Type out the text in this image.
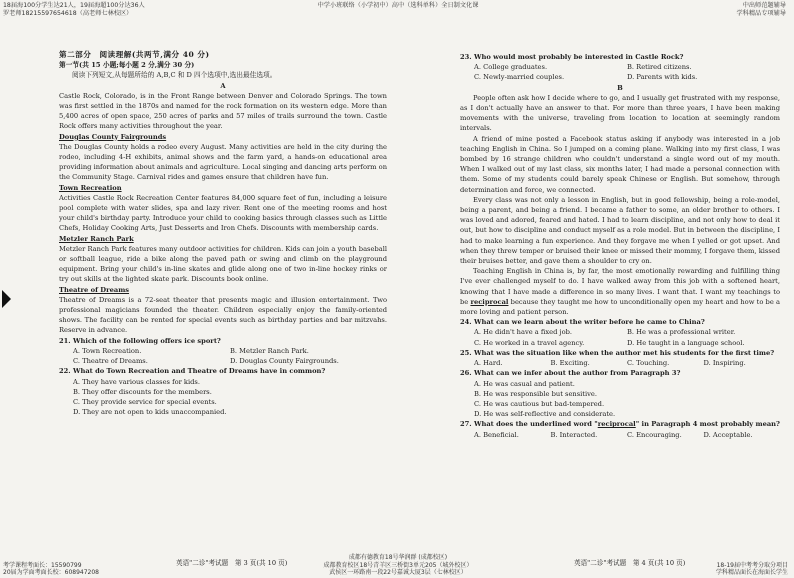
18届海100分学生达21人，19届海超100分达36人
罗老师18215597654618（高老师七林校区）
中学小班联络（小学初中）高中（选科单科）全日制文化课	中出师范题辅导
学科精品专项辅导

第二部分　阅读理解(共两节,满分 40 分)

第一节(共 15 小题;每小题 2 分,满分 30 分)

阅读下列短文,从每题所给的 A,B,C 和 D 四个选项中,选出最佳选项。

A

Castle Rock, Colorado, is in the Front Range between Denver and Colorado Springs. The town was first settled in the 1870s and named for the rock formation on its western edge. More than 5,400 acres of open space, 250 acres of parks and 57 miles of trails surround the town. Castle Rock offers many activities throughout the year.

Douglas County Fairgrounds

The Douglas County holds a rodeo every August. Many activities are held in the city during the rodeo, including 4-H exhibits, animal shows and the farm yard, a hands-on educational area providing information about animals and agriculture. Local singing and dancing arts perform on the Community Stage. Carnival rides and games ensure that children have fun.

Town Recreation

Activities Castle Rock Recreation Center features 84,000 square feet of fun, including a leisure pool complete with water slides, spa and lazy river. Rent one of the meeting rooms and host your child's birthday party. Introduce your child to cooking basics through classes such as Little Chefs, Holiday Cooking Arts, Just Desserts and Iron Chefs. Discounts with membership cards.

Metzler Ranch Park

Metzler Ranch Park features many outdoor activities for children. Kids can join a youth baseball or softball league, ride a bike along the paved path or swing and climb on the playground equipment. Bring your child's in-line skates and glide along one of two in-line hockey rinks or try out skills at the lighted skate park. Discounts book online.

Theatre of Dreams

Theatre of Dreams is a 72-seat theater that presents magic and illusion entertainment. Two professional magicians founded the theater. Children especially enjoy the family-oriented shows. The facility can be rented for special events such as birthday parties and bar mitzvahs. Reserve in advance.

21. Which of the following offers ice sport?

A. Town Recreation.	B. Metzler Ranch Park.
C. Theatre of Dreams.	D. Douglas County Fairgrounds.

22. What do Town Recreation and Theatre of Dreams have in common?

A. They have various classes for kids.

B. They offer discounts for the members.

C. They provide service for special events.

D. They are not open to kids unaccompanied.

英语"二诊"考试题　第 3 页(共 10 页)

23. Who would most probably be interested in Castle Rock?

A. College graduates.	B. Retired citizens.
C. Newly-married couples.	D. Parents with kids.

B

People often ask how I decide where to go, and I usually get frustrated with my response, as I don't actually have an answer to that. For more than three years, I have been making movements with the universe, traveling from location to location at seemingly random intervals.

A friend of mine posted a Facebook status asking if anybody was interested in a job teaching English in China. So I jumped on a coming plane. Walking into my first class, I was bombed by 16 strange children who couldn't understand a single word out of my mouth. When I walked out of my last class, six months later, I had made a personal connection with them. Some of my students could barely speak Chinese or English. But somehow, through determination and force, we connected.

Every class was not only a lesson in English, but in good fellowship, being a role-model, being a parent, and being a friend. I became a father to some, an older brother to others. I was loved and adored, feared and hated. I had to learn discipline, and not only how to deal it out, but how to discipline and conduct myself as a role model. But in between the discipline, I had to make learning a fun experience. And they forgave me when I yelled or got upset. And when they threw temper or bruised their knee or missed their mommy, I forgave them, kissed their bruises better, and gave them a shoulder to cry on.

Teaching English in China is, by far, the most emotionally rewarding and fulfilling thing I've ever challenged myself to do. I have walked away from this job with a softened heart, knowing that I have made a difference in so many lives. I want that. I want my teachings to be reciprocal because they taught me how to unconditionally open my heart and how to be a more loving and patient person.

24. What can we learn about the writer before he came to China?

A. He didn't have a fixed job.	B. He was a professional writer.
C. He worked in a travel agency.	D. He taught in a language school.

25. What was the situation like when the author met his students for the first time?

A. Hard.	B. Exciting.	C. Touching.	D. Inspiring.

26. What can we infer about the author from Paragraph 3?

A. He was casual and patient.

B. He was responsible but sensitive.

C. He was cautious but bad-tempered.

D. He was self-reflective and considerate.

27. What does the underlined word "reciprocal" in Paragraph 4 most probably mean?

A. Beneficial.	B. Interacted.	C. Encouraging.	D. Acceptable.
英语"二诊"考试题　第 4 页(共 10 页)
考学课程考面长：15590799
20届为学面考面长校：608947208
成都有德教育18号华润群 (成都校区)
成都教育校区18号青羊区三桥街3单元205（城外校区）
武侯区一环路南一段22号嘉诚大厦3层（七林校区）
18-19届中考考分取分项目
学科精品面长在海面长学生
